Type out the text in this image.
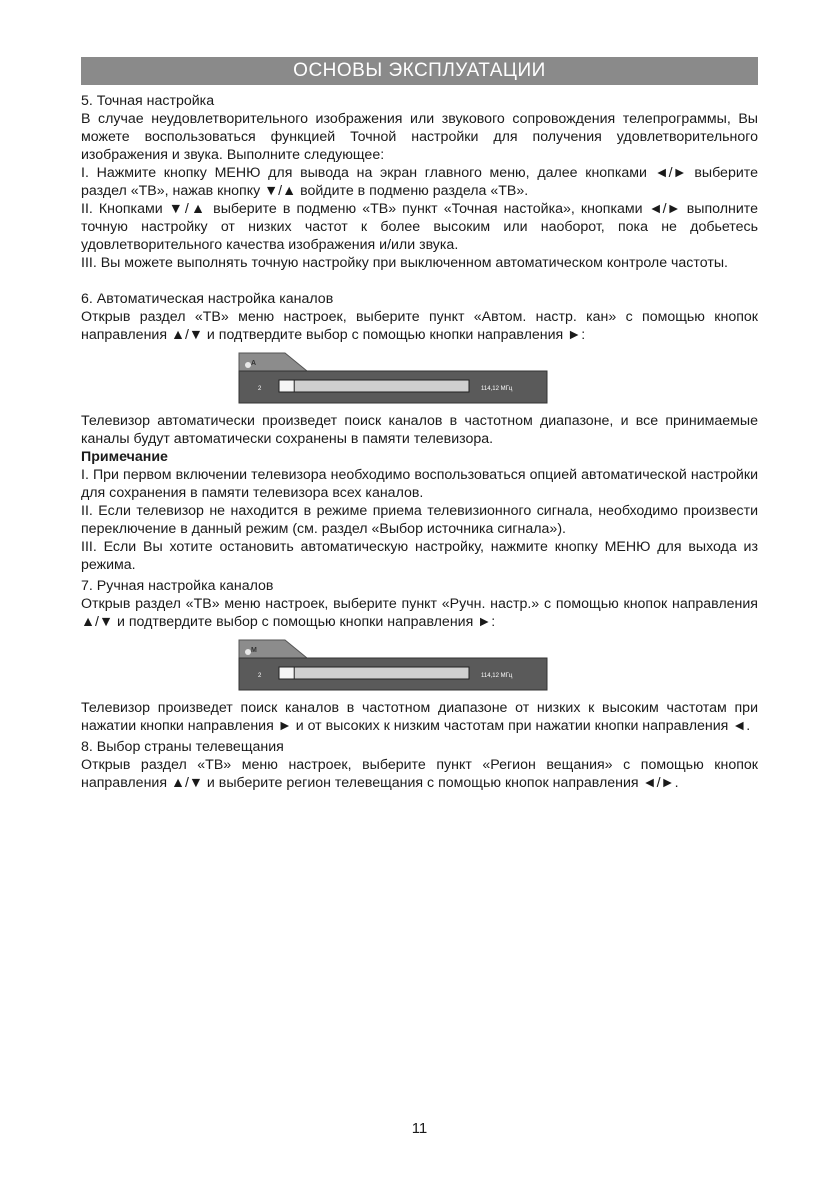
ОСНОВЫ ЭКСПЛУАТАЦИИ

5. Точная настройка

В случае неудовлетворительного изображения или звукового сопровождения телепрограммы, Вы можете воспользоваться функцией Точной настройки для получения удовлетворительного изображения и звука. Выполните следующее:

I. Нажмите кнопку МЕНЮ для вывода на экран главного меню, далее кнопками ◄/► выберите раздел «ТВ», нажав кнопку ▼/▲ войдите в подменю раздела «ТВ».

II. Кнопками ▼/▲ выберите в подменю «ТВ» пункт «Точная настойка», кнопками ◄/► выполните точную настройку от низких частот к более высоким или наоборот, пока не добьетесь удовлетворительного качества изображения и/или звука.

III. Вы можете выполнять точную настройку при выключенном автоматическом контроле частоты.

6. Автоматическая настройка каналов

Открыв раздел «ТВ» меню настроек, выберите пункт «Автом. настр. кан» с помощью кнопок направления ▲/▼ и подтвердите выбор с помощью кнопки направления ►:

A
2	114,12 МГц

Телевизор автоматически произведет поиск каналов в частотном диапазоне, и все принимаемые каналы будут автоматически сохранены в памяти телевизора.

Примечание

I. При первом включении телевизора необходимо воспользоваться опцией автоматической настройки для сохранения в памяти телевизора всех каналов.

II. Если телевизор не находится в режиме приема телевизионного сигнала, необходимо произвести переключение в данный режим (см. раздел «Выбор источника сигнала»).

III. Если Вы хотите остановить автоматическую настройку, нажмите кнопку МЕНЮ для выхода из режима.

7. Ручная настройка каналов

Открыв раздел «ТВ» меню настроек, выберите пункт «Ручн. настр.» с помощью кнопок направления ▲/▼ и подтвердите выбор с помощью кнопки направления ►:

M
2	114,12 МГц

Телевизор произведет поиск каналов в частотном диапазоне от низких к высоким частотам при нажатии кнопки направления ► и от высоких к низким частотам при нажатии кнопки направления ◄.

8. Выбор страны телевещания

Открыв раздел «ТВ» меню настроек, выберите пункт «Регион вещания» с помощью кнопок направления ▲/▼ и выберите регион телевещания с помощью кнопок направления ◄/►.

11
